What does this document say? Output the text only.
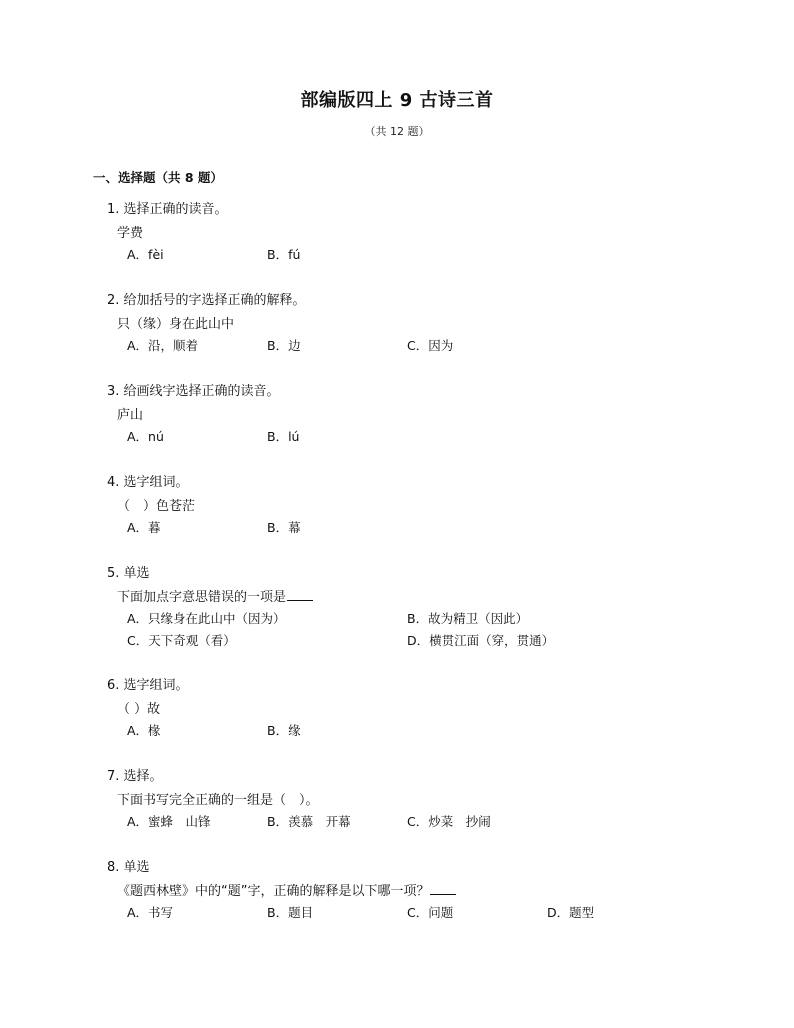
部编版四上 9 古诗三首
（共 12 题）
一、选择题（共 8 题）
1. 选择正确的读音。
学费
A．fèi	B．fú
2. 给加括号的字选择正确的解释。
只（缘）身在此山中
A．沿，顺着	B．边	C．因为
3. 给画线字选择正确的读音。
庐山
A．nú	B．lú
4. 选字组词。
（　）色苍茫
A．暮	B．幕
5. 单选
下面加点字意思错误的一项是
A．只缘身在此山中（因为）	B．故为精卫（因此）
C．天下奇观（看）	D．横贯江面（穿，贯通）
6. 选字组词。
（ ）故
A．椽	B．缘
7. 选择。
下面书写完全正确的一组是（　）。
A．蜜蜂　山锋	B．羡慕　开幕	C．炒菜　抄闹
8. 单选
《题西林壁》中的“题”字，正确的解释是以下哪一项？
A．书写	B．题目	C．问题	D．题型
